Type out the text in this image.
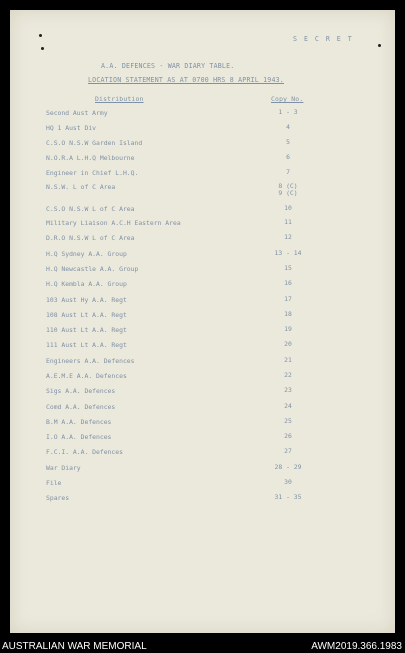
S E C R E T
A.A. DEFENCES - WAR DIARY TABLE.
LOCATION STATEMENT AS AT 0700 HRS 8 APRIL 1943.
Distribution	Copy No.
Second Aust Army	1 - 3
HQ 1 Aust Div	4
C.S.O N.S.W Garden Island	5
N.O.R.A L.H.Q Melbourne	6
Engineer in Chief L.H.Q.	7
N.S.W. L of C Area	8 (C)
9 (C)
C.S.O N.S.W L of C Area	10
Military Liaison A.C.H Eastern Area	11
D.R.O N.S.W L of C Area	12
H.Q Sydney A.A. Group	13 - 14
H.Q Newcastle A.A. Group	15
H.Q Kembla A.A. Group	16
103 Aust Hy A.A. Regt	17
108 Aust Lt A.A. Regt	18
110 Aust Lt A.A. Regt	19
111 Aust Lt A.A. Regt	20
Engineers A.A. Defences	21
A.E.M.E A.A. Defences	22
Sigs A.A. Defences	23
Comd A.A. Defences	24
B.M A.A. Defences	25
I.O A.A. Defences	26
F.C.I. A.A. Defences	27
War Diary	28 - 29
File	30
Spares	31 - 35
AUSTRALIAN WAR MEMORIAL	AWM2019.366.1983
